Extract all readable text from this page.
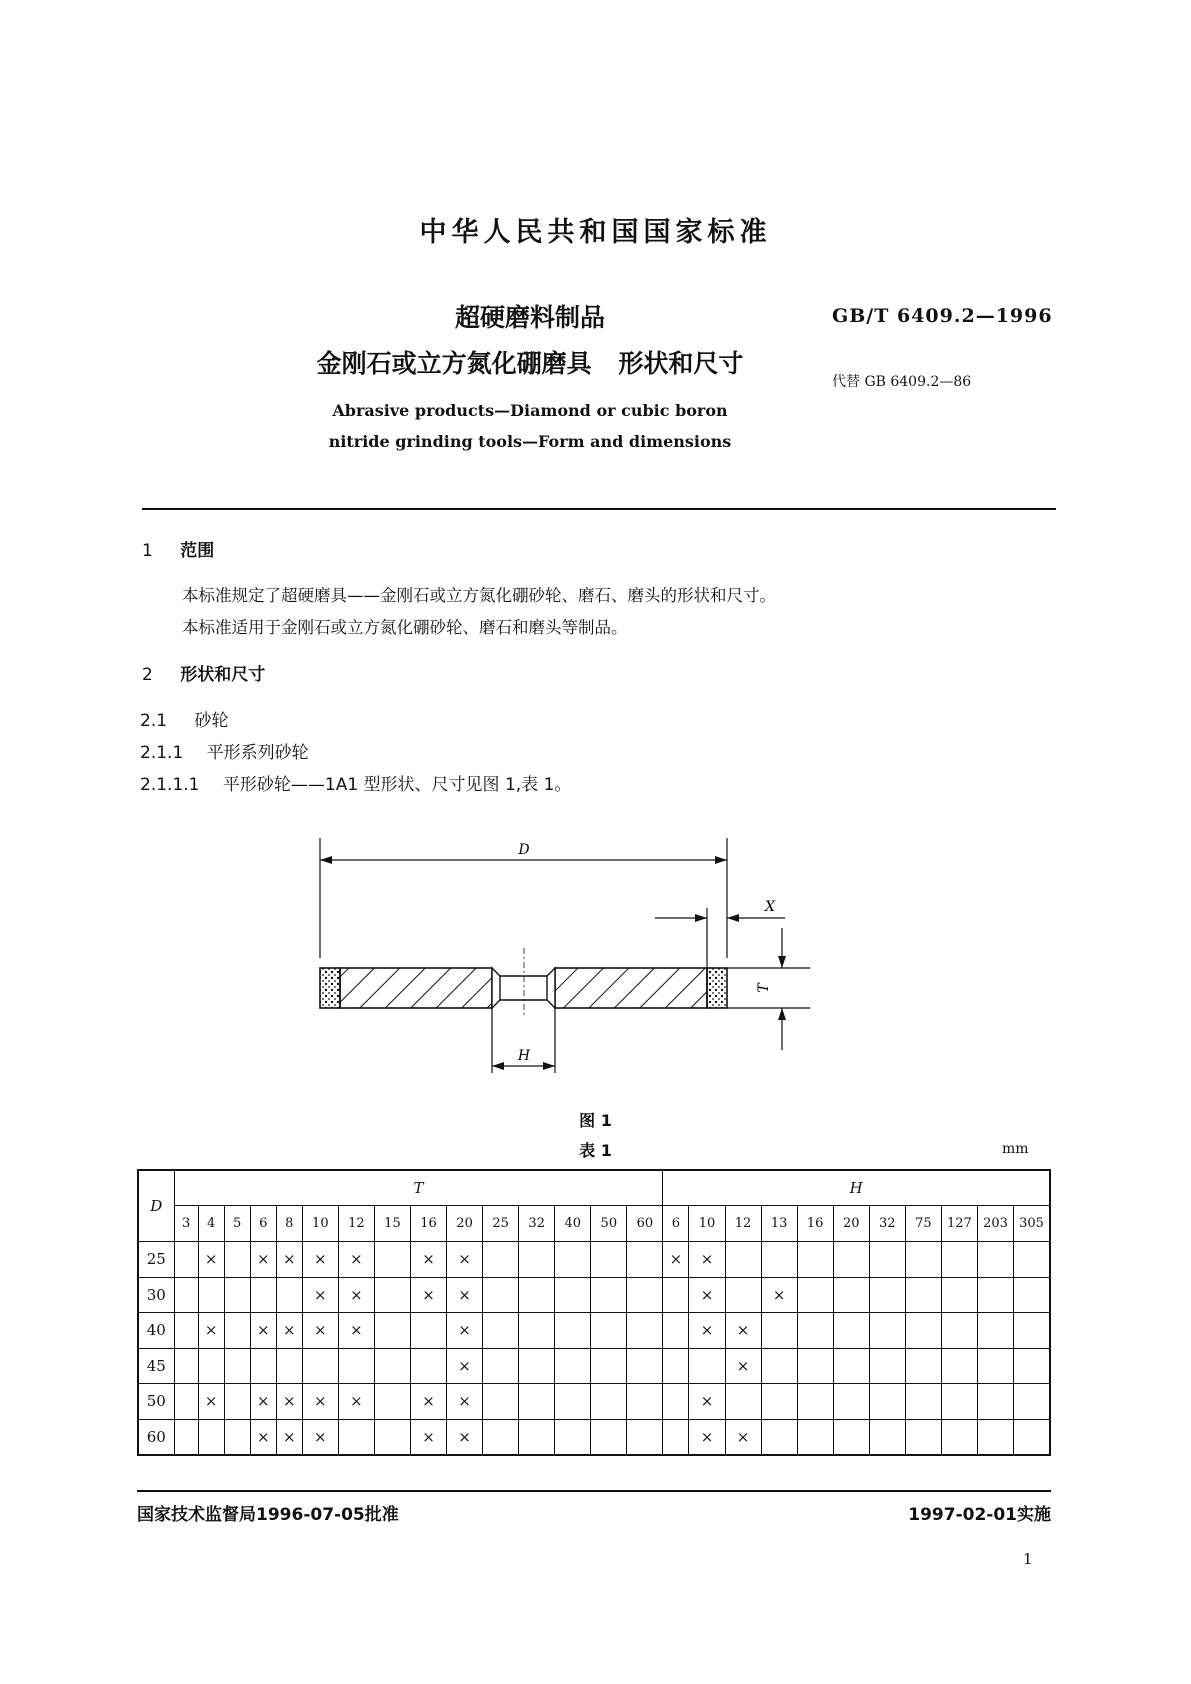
中华人民共和国国家标准
超硬磨料制品
金刚石或立方氮化硼磨具 形状和尺寸
GB/T 6409.2—1996
代替 GB 6409.2—86
Abrasive products—Diamond or cubic boron
nitride grinding tools—Form and dimensions
1 范围
本标准规定了超硬磨具——金刚石或立方氮化硼砂轮、磨石、磨头的形状和尺寸。
本标准适用于金刚石或立方氮化硼砂轮、磨石和磨头等制品。
2 形状和尺寸
2.1 砂轮
2.1.1 平形系列砂轮
2.1.1.1 平形砂轮——1A1 型形状、尺寸见图 1,表 1。
D
X
T
H
图 1
表 1	mm
D	T															H										
	3	4	5	6	8	10	12	15	16	20	25	32	40	50	60	6	10	12	13	16	20	32	75	127	203	305
25		×		×	×	×	×		×	×						×	×									
30						×	×		×	×							×		×							
40		×		×	×	×	×			×							×	×								
45										×								×								
50		×		×	×	×	×		×	×							×									
60				×	×	×			×	×							×	×								
国家技术监督局1996-07-05批准	1997-02-01实施
1
